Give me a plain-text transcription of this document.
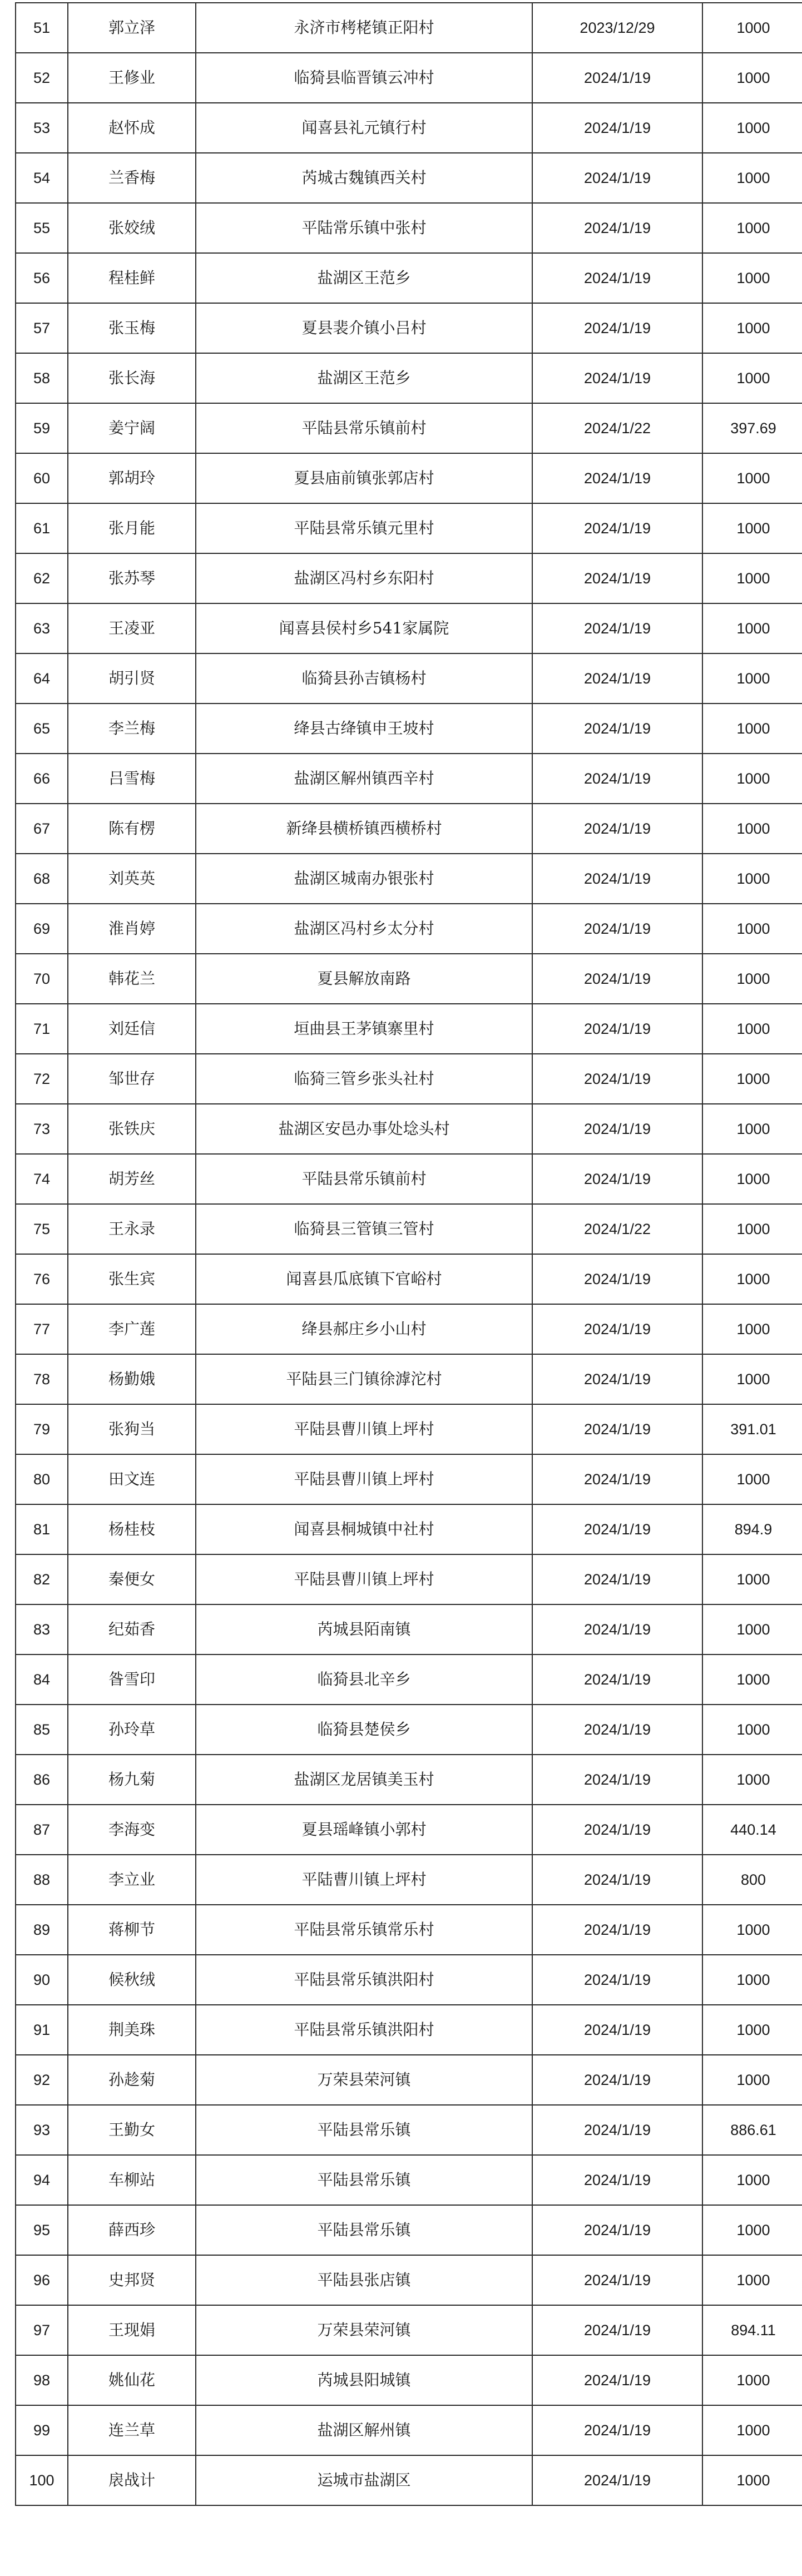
51	郭立泽	永济市栲栳镇正阳村	2023/12/29	1000
52	王修业	临猗县临晋镇云冲村	2024/1/19	1000
53	赵怀成	闻喜县礼元镇行村	2024/1/19	1000
54	兰香梅	芮城古魏镇西关村	2024/1/19	1000
55	张姣绒	平陆常乐镇中张村	2024/1/19	1000
56	程桂鲜	盐湖区王范乡	2024/1/19	1000
57	张玉梅	夏县裴介镇小吕村	2024/1/19	1000
58	张长海	盐湖区王范乡	2024/1/19	1000
59	姜宁阔	平陆县常乐镇前村	2024/1/22	397.69
60	郭胡玲	夏县庙前镇张郭店村	2024/1/19	1000
61	张月能	平陆县常乐镇元里村	2024/1/19	1000
62	张苏琴	盐湖区冯村乡东阳村	2024/1/19	1000
63	王凌亚	闻喜县侯村乡541家属院	2024/1/19	1000
64	胡引贤	临猗县孙吉镇杨村	2024/1/19	1000
65	李兰梅	绛县古绛镇申王坡村	2024/1/19	1000
66	吕雪梅	盐湖区解州镇西辛村	2024/1/19	1000
67	陈有楞	新绛县横桥镇西横桥村	2024/1/19	1000
68	刘英英	盐湖区城南办银张村	2024/1/19	1000
69	淮肖婷	盐湖区冯村乡太分村	2024/1/19	1000
70	韩花兰	夏县解放南路	2024/1/19	1000
71	刘廷信	垣曲县王茅镇寨里村	2024/1/19	1000
72	邹世存	临猗三管乡张头社村	2024/1/19	1000
73	张铁庆	盐湖区安邑办事处埝头村	2024/1/19	1000
74	胡芳丝	平陆县常乐镇前村	2024/1/19	1000
75	王永录	临猗县三管镇三管村	2024/1/22	1000
76	张生宾	闻喜县瓜底镇下官峪村	2024/1/19	1000
77	李广莲	绛县郝庄乡小山村	2024/1/19	1000
78	杨勤娥	平陆县三门镇徐滹沱村	2024/1/19	1000
79	张狗当	平陆县曹川镇上坪村	2024/1/19	391.01
80	田文连	平陆县曹川镇上坪村	2024/1/19	1000
81	杨桂枝	闻喜县桐城镇中社村	2024/1/19	894.9
82	秦便女	平陆县曹川镇上坪村	2024/1/19	1000
83	纪茹香	芮城县陌南镇	2024/1/19	1000
84	昝雪印	临猗县北辛乡	2024/1/19	1000
85	孙玲草	临猗县楚侯乡	2024/1/19	1000
86	杨九菊	盐湖区龙居镇美玉村	2024/1/19	1000
87	李海变	夏县瑶峰镇小郭村	2024/1/19	440.14
88	李立业	平陆曹川镇上坪村	2024/1/19	800
89	蒋柳节	平陆县常乐镇常乐村	2024/1/19	1000
90	候秋绒	平陆县常乐镇洪阳村	2024/1/19	1000
91	荆美珠	平陆县常乐镇洪阳村	2024/1/19	1000
92	孙趁菊	万荣县荣河镇	2024/1/19	1000
93	王勤女	平陆县常乐镇	2024/1/19	886.61
94	车柳站	平陆县常乐镇	2024/1/19	1000
95	薛西珍	平陆县常乐镇	2024/1/19	1000
96	史邦贤	平陆县张店镇	2024/1/19	1000
97	王现娟	万荣县荣河镇	2024/1/19	894.11
98	姚仙花	芮城县阳城镇	2024/1/19	1000
99	连兰草	盐湖区解州镇	2024/1/19	1000
100	扆战计	运城市盐湖区	2024/1/19	1000
